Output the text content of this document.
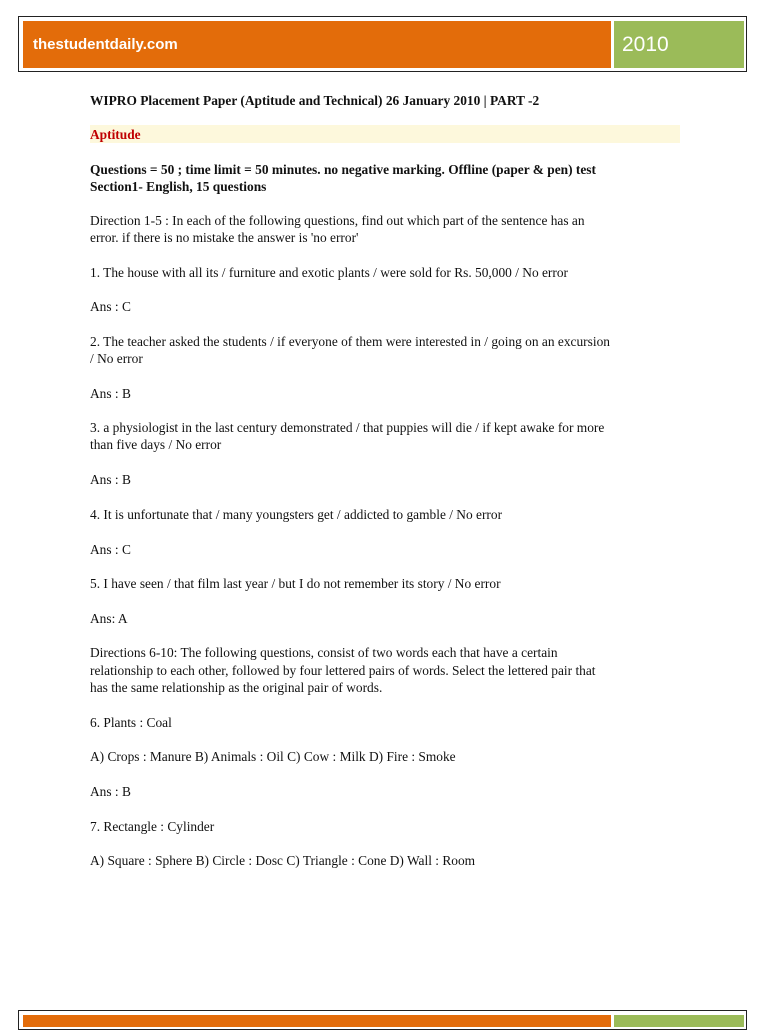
thestudentdaily.com	2010
WIPRO Placement Paper (Aptitude and Technical) 26 January 2010 | PART -2
Aptitude
Questions = 50 ; time limit = 50 minutes. no negative marking. Offline (paper & pen) test
Section1- English, 15 questions
Direction 1-5 : In each of the following questions, find out which part of the sentence has an
error. if there is no mistake the answer is 'no error'
1. The house with all its / furniture and exotic plants / were sold for Rs. 50,000 / No error
Ans : C
2. The teacher asked the students / if everyone of them were interested in / going on an excursion
/ No error
Ans : B
3. a physiologist in the last century demonstrated / that puppies will die / if kept awake for more
than five days / No error
Ans : B
4. It is unfortunate that / many youngsters get / addicted to gamble / No error
Ans : C
5. I have seen / that film last year / but I do not remember its story / No error
Ans: A
Directions 6-10: The following questions, consist of two words each that have a certain
relationship to each other, followed by four lettered pairs of words. Select the lettered pair that
has the same relationship as the original pair of words.
6. Plants : Coal
A) Crops : Manure B) Animals : Oil C) Cow : Milk D) Fire : Smoke
Ans : B
7. Rectangle : Cylinder
A) Square : Sphere B) Circle : Dosc C) Triangle : Cone D) Wall : Room
